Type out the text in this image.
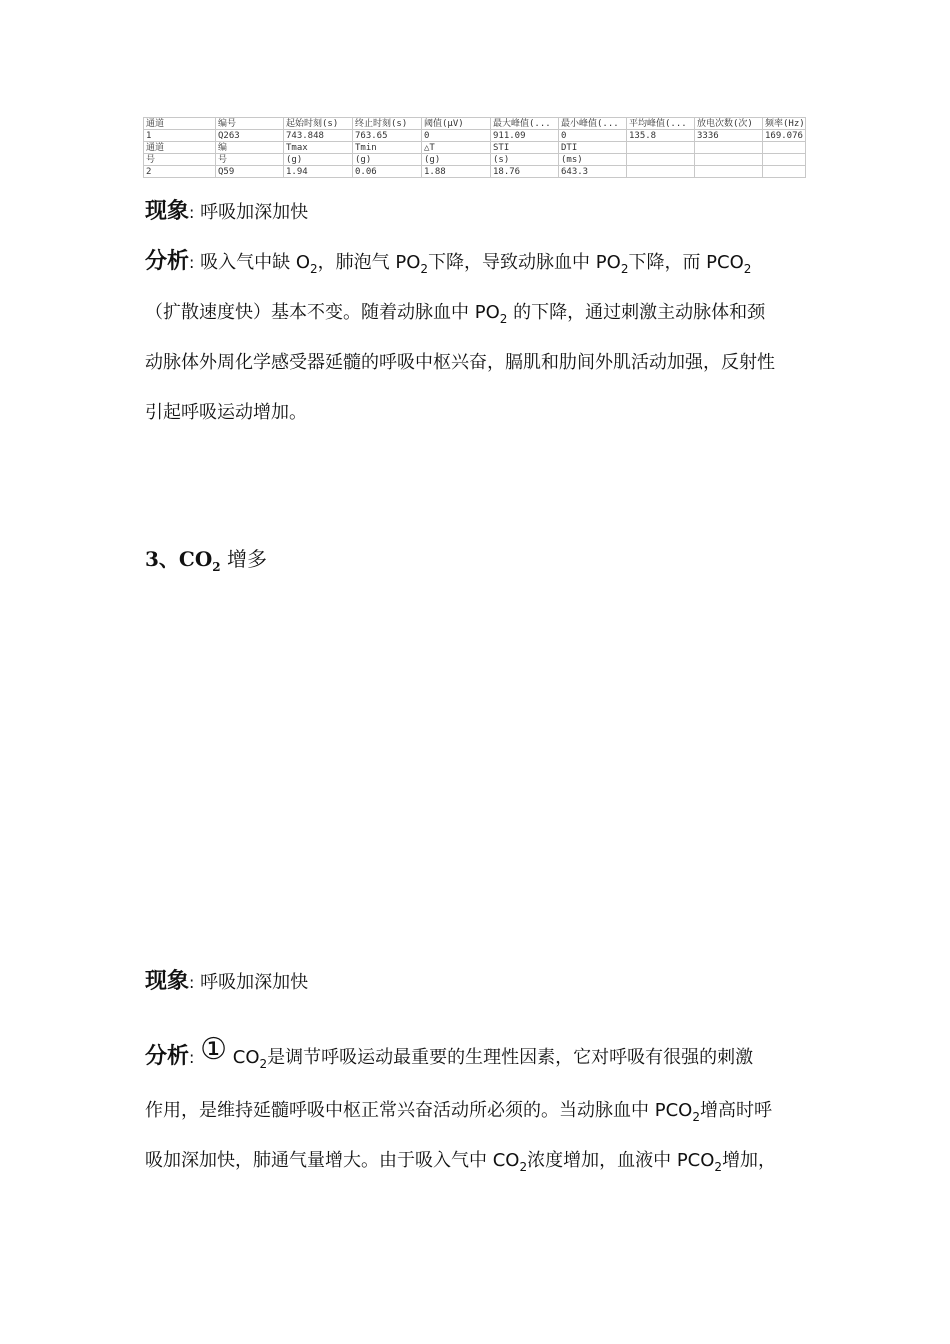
通道	编号	起始时刻(s)	终止时刻(s)	阈值(μV)	最大峰值(...	最小峰值(...	平均峰值(...	放电次数(次)	频率(Hz)
1	Q263	743.848	763.65	0	911.09	0	135.8	3336	169.076
通道	编	Tmax	Tmin	△T	STI	DTI			
号	号	(g)	(g)	(g)	(s)	(ms)			
2	Q59	1.94	0.06	1.88	18.76	643.3			
现象: 呼吸加深加快
分析: 吸入气中缺 $O_2$，肺泡气 $PO_2$下降，导致动脉血中 $PO_2$下降，而 $PCO_2$
（扩散速度快）基本不变。随着动脉血中 $PO_2$ 的下降，通过刺激主动脉体和颈
动脉体外周化学感受器延髓的呼吸中枢兴奋，膈肌和肋间外肌活动加强，反射性
引起呼吸运动增加。
3、$CO_2$ 增多
现象: 呼吸加深加快
分析: ① $CO_2$是调节呼吸运动最重要的生理性因素，它对呼吸有很强的刺激
作用，是维持延髓呼吸中枢正常兴奋活动所必须的。当动脉血中 $PCO_2$增高时呼
吸加深加快，肺通气量增大。由于吸入气中 $CO_2$浓度增加，血液中 $PCO_2$增加，
